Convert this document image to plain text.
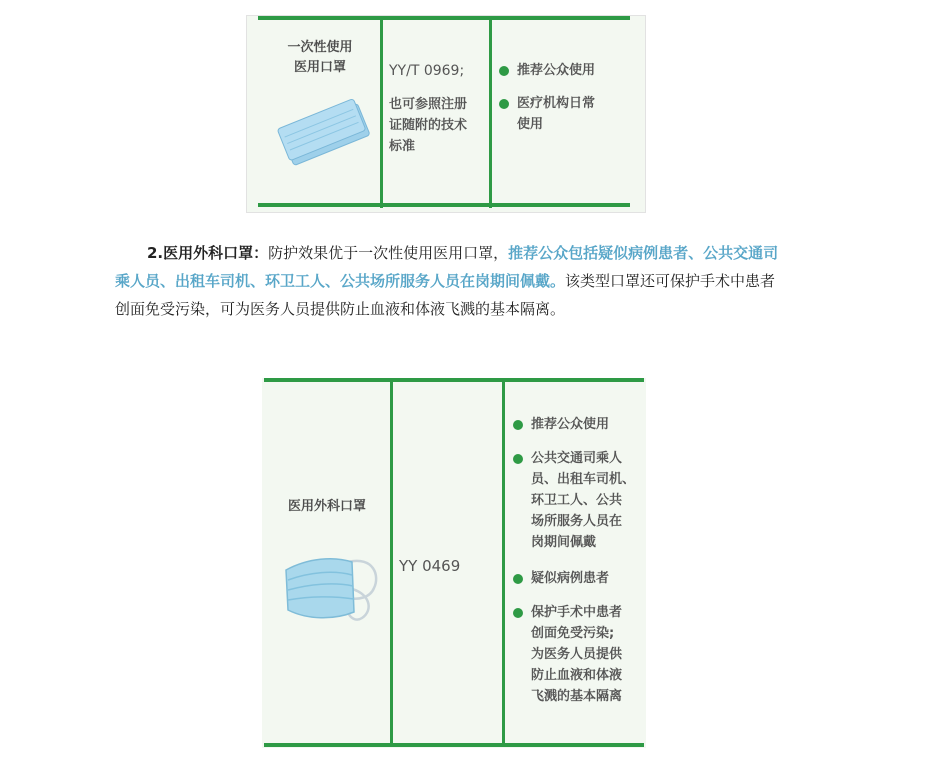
一次性使用
医用口罩	YY/T 0969;
也可参照注册
证随附的技术
标准
推荐公众使用
医疗机构日常
使用
2.医用外科口罩：防护效果优于一次性使用医用口罩，推荐公众包括疑似病例患者、公共交通司乘人员、出租车司机、环卫工人、公共场所服务人员在岗期间佩戴。该类型口罩还可保护手术中患者创面免受污染，可为医务人员提供防止血液和体液飞溅的基本隔离。
医用外科口罩
YY 0469
推荐公众使用
公共交通司乘人
员、出租车司机、
环卫工人、公共
场所服务人员在
岗期间佩戴
疑似病例患者
保护手术中患者
创面免受污染;
为医务人员提供
防止血液和体液
飞溅的基本隔离
